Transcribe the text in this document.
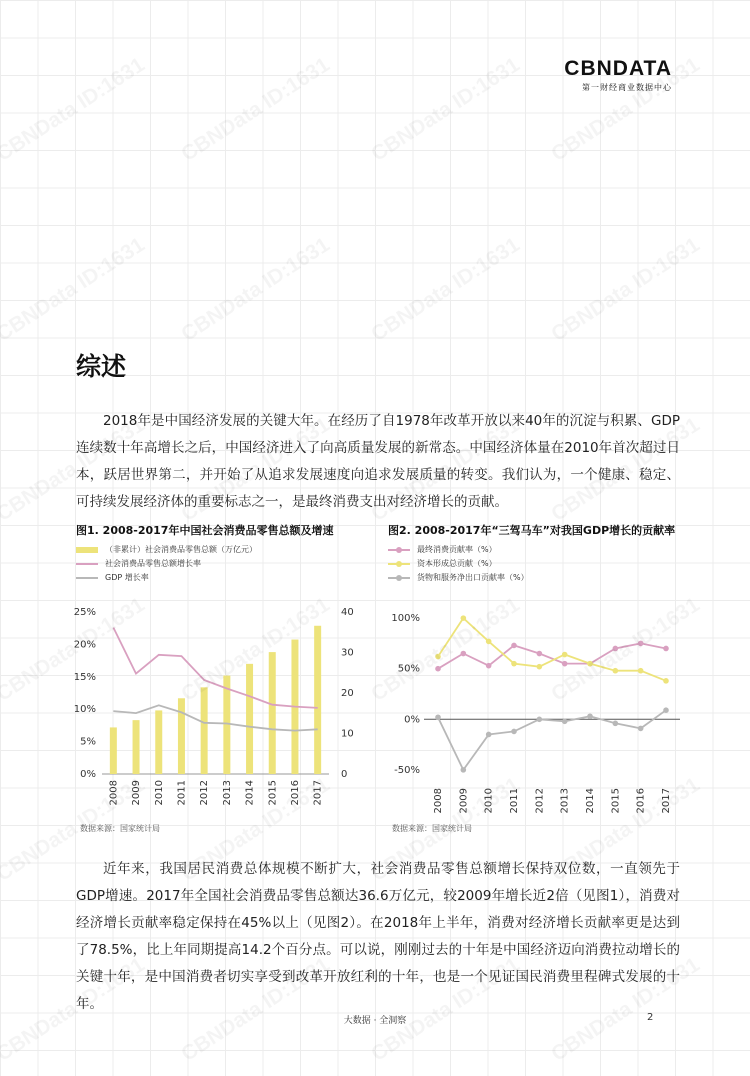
CBNDATA
第一财经商业数据中心
综述

2018年是中国经济发展的关键大年。在经历了自1978年改革开放以来40年的沉淀与积累、GDP连续数十年高增长之后，中国经济进入了向高质量发展的新常态。中国经济体量在2010年首次超过日本，跃居世界第二，并开始了从追求发展速度向追求发展质量的转变。我们认为，一个健康、稳定、可持续发展经济体的重要标志之一，是最终消费支出对经济增长的贡献。

图1. 2008-2017年中国社会消费品零售总额及增速
（非累计）社会消费品零售总额（万亿元）
社会消费品零售总额增长率
GDP 增长率
0%
5%
10%
15%
20%
25%
0
10
20
30
40
2008 2009 2010 2011 2012 2013 2014 2015 2016 2017
图2. 2008-2017年“三驾马车”对我国GDP增长的贡献率
最终消费贡献率（%）
资本形成总贡献（%）
货物和服务净出口贡献率（%）
100%
50%
0%
-50%
2008 2009 2010 2011 2012 2013 2014 2015 2016 2017
数据来源：国家统计局	数据来源：国家统计局

近年来，我国居民消费总体规模不断扩大，社会消费品零售总额增长保持双位数，一直领先于GDP增速。2017年全国社会消费品零售总额达36.6万亿元，较2009年增长近2倍（见图1），消费对经济增长贡献率稳定保持在45%以上（见图2）。在2018年上半年，消费对经济增长贡献率更是达到了78.5%，比上年同期提高14.2个百分点。可以说，刚刚过去的十年是中国经济迈向消费拉动增长的关键十年，是中国消费者切实享受到改革开放红利的十年，也是一个见证国民消费里程碑式发展的十年。

大数据 · 全洞察	2
